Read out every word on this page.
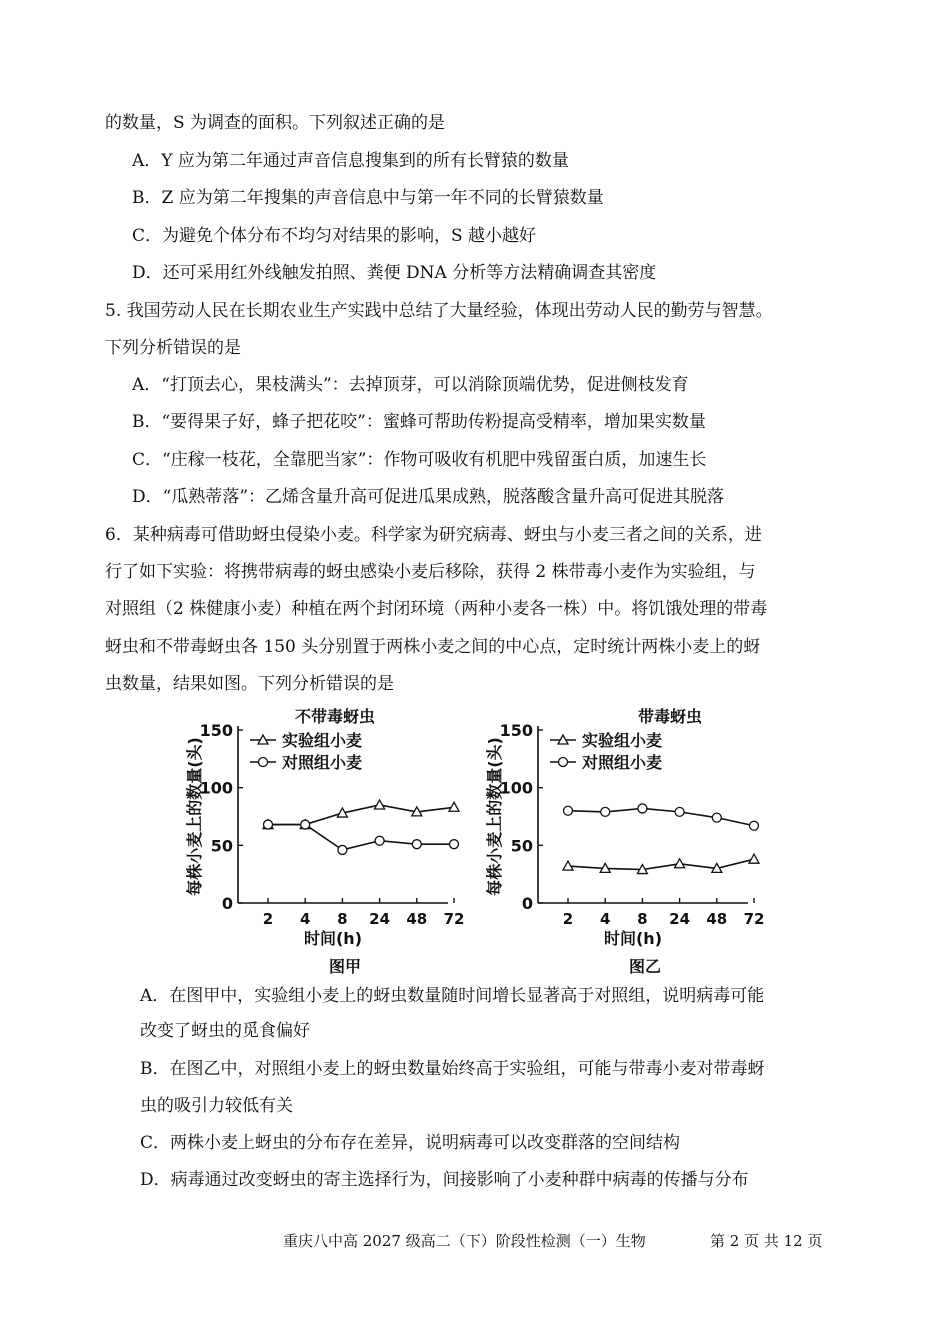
的数量，S 为调查的面积。下列叙述正确的是
A．Y 应为第二年通过声音信息搜集到的所有长臂猿的数量
B．Z 应为第二年搜集的声音信息中与第一年不同的长臂猿数量
C．为避免个体分布不均匀对结果的影响，S 越小越好
D．还可采用红外线触发拍照、粪便 DNA 分析等方法精确调查其密度
5. 我国劳动人民在长期农业生产实践中总结了大量经验，体现出劳动人民的勤劳与智慧。
下列分析错误的是
A．“打顶去心，果枝满头”：去掉顶芽，可以消除顶端优势，促进侧枝发育
B．“要得果子好，蜂子把花咬”：蜜蜂可帮助传粉提高受精率，增加果实数量
C．“庄稼一枝花，全靠肥当家”：作物可吸收有机肥中残留蛋白质，加速生长
D．“瓜熟蒂落”：乙烯含量升高可促进瓜果成熟，脱落酸含量升高可促进其脱落
6．某种病毒可借助蚜虫侵染小麦。科学家为研究病毒、蚜虫与小麦三者之间的关系，进
行了如下实验：将携带病毒的蚜虫感染小麦后移除，获得 2 株带毒小麦作为实验组，与
对照组（2 株健康小麦）种植在两个封闭环境（两种小麦各一株）中。将饥饿处理的带毒
蚜虫和不带毒蚜虫各 150 头分别置于两株小麦之间的中心点，定时统计两株小麦上的蚜
虫数量，结果如图。下列分析错误的是
0
50
100
150
2 4 8 24 48 72
时间(h)
每株小麦上的数量(头)
不带毒蚜虫
图甲
实验组小麦
对照组小麦
0
50
100
150
2 4 8 24 48 72
时间(h)
每株小麦上的数量(头)
带毒蚜虫
图乙
实验组小麦
对照组小麦
A．在图甲中，实验组小麦上的蚜虫数量随时间增长显著高于对照组，说明病毒可能
改变了蚜虫的觅食偏好
B．在图乙中，对照组小麦上的蚜虫数量始终高于实验组，可能与带毒小麦对带毒蚜
虫的吸引力较低有关
C．两株小麦上蚜虫的分布存在差异，说明病毒可以改变群落的空间结构
D．病毒通过改变蚜虫的寄主选择行为，间接影响了小麦种群中病毒的传播与分布
重庆八中高 2027 级高二（下）阶段性检测（一）生物	第 2 页 共 12 页
